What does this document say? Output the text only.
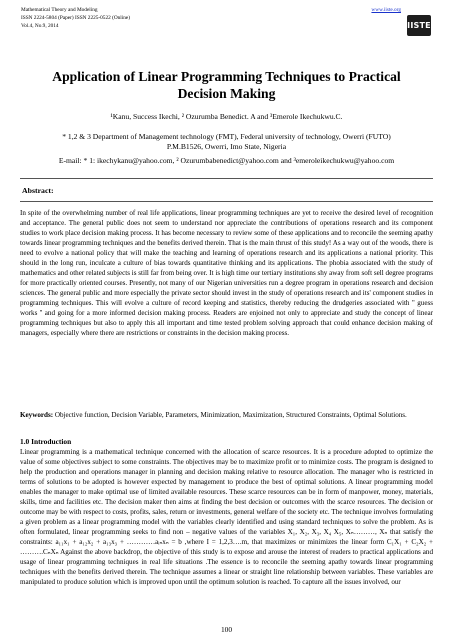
Mathematical Theory and Modeling
ISSN 2224-5804 (Paper) ISSN 2225-0522 (Online)
Vol.4, No.9, 2014
www.iiste.org
IISTE
Application of Linear Programming Techniques to Practical Decision Making
¹Kanu, Success Ikechi, ² Ozurumba Benedict. A and ³Emerole Ikechukwu.C.
* 1,2 & 3 Department of Management technology (FMT), Federal university of technology, Owerri (FUTO)
P.M.B1526, Owerri, Imo State, Nigeria
E-mail: * 1: ikechykanu@yahoo.com, ² Ozurumbabenedict@yahoo.com and ³emeroleikechukwu@yahoo.com
Abstract:
In spite of the overwhelming number of real life applications, linear programming techniques are yet to receive the desired level of recognition and acceptance. The general public does not seem to understand nor appreciate the contributions of operations research and its component studies to work place decision making process. It has become necessary to review some of these applications and to reconcile the seeming apathy towards linear programming techniques and the benefits derived therein. That is the main thrust of this study! As a way out of the woods, there is need to evolve a national policy that will make the teaching and learning of operations research and its applications a national priority. This should in the long run, inculcate a culture of bias towards quantitative thinking and its applications. The phobia associated with the study of mathematics and other related subjects is still far from being over. It is high time our tertiary institutions shy away from soft sell degree programs for more practically oriented courses. Presently, not many of our Nigerian universities run a degree program in operations research and decision sciences. The general public and more especially the private sector should invest in the study of operations research and its' component studies in programming techniques. This will evolve a culture of record keeping and statistics, thereby reducing the drudgeries associated with '' guess works '' and going for a more informed decision making process. Readers are enjoined not only to appreciate and study the concept of linear programming techniques but also to apply this all important and time tested problem solving approach that could enhance decision making of managers, especially where there are restrictions or constraints in the decision making process.
Keywords: Objective function, Decision Variable, Parameters, Minimization, Maximization, Structured Constraints, Optimal Solutions.
1.0 Introduction
Linear programming is a mathematical technique concerned with the allocation of scarce resources. It is a procedure adopted to optimize the value of some objectives subject to some constraints. The objectives may be to maximize profit or to minimize costs. The program is designed to help the production and operations manager in planning and decision making relative to resource allocation. The manager who is restricted in terms of solutions to be adopted is however expected by management to produce the best of optimal solutions. A linear programming model enables the manager to make optimal use of limited available resources. These scarce resources can be in form of manpower, money, materials, skills, time and facilities etc. The decision maker then aims at finding the best decision or outcomes with the scarce resources. The decision or outcome may be with respect to costs, profits, sales, return or investments, general welfare of the society etc. The technique involves formulating a given problem as a linear programming model with the variables clearly identified and using standard techniques to solve the problem. As is often formulated, linear programming seeks to find non – negative values of the variables X₁, X₂, X₃, X₄ X₅, Xₙ………, Xₙ that satisfy the constraints: a₁₁x₁ + a₁₂x₂ + a₁₃x₃ + …………aᵢₙxₙ = b ,where I = 1,2,3….m, that maximizes or minimizes the linear form C₁X₁ + C₂X₂ + ……….CₙXₙ Against the above backdrop, the objective of this study is to expose and arouse the interest of readers to practical applications and usage of linear programming techniques in real life situations .The essence is to reconcile the seeming apathy towards linear programming techniques with the benefits derived therein. The technique assumes a linear or straight line relationship between variables. These variables are manipulated to produce solution which is improved upon until the optimum solution is reached. To capture all the issues involved, our
100
